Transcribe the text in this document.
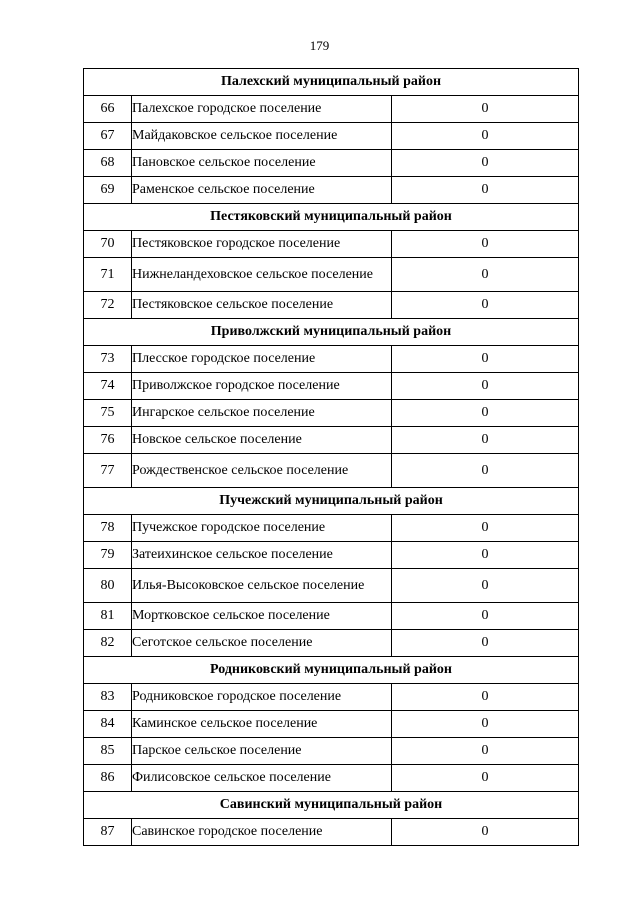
179
Палехский муниципальный район		
66	Палехское городское поселение	0
67	Майдаковское сельское поселение	0
68	Пановское сельское поселение	0
69	Раменское сельское поселение	0
Пестяковский муниципальный район		
70	Пестяковское городское поселение	0
71	Нижнеландеховское сельское поселение	0
72	Пестяковское сельское поселение	0
Приволжский муниципальный район		
73	Плесское городское поселение	0
74	Приволжское городское поселение	0
75	Ингарское сельское поселение	0
76	Новское сельское поселение	0
77	Рождественское сельское поселение	0
Пучежский муниципальный район		
78	Пучежское городское поселение	0
79	Затеихинское сельское поселение	0
80	Илья-Высоковское сельское поселение	0
81	Мортковское сельское поселение	0
82	Сеготское сельское поселение	0
Родниковский муниципальный район		
83	Родниковское городское поселение	0
84	Каминское сельское поселение	0
85	Парское сельское поселение	0
86	Филисовское сельское поселение	0
Савинский муниципальный район		
87	Савинское городское поселение	0
